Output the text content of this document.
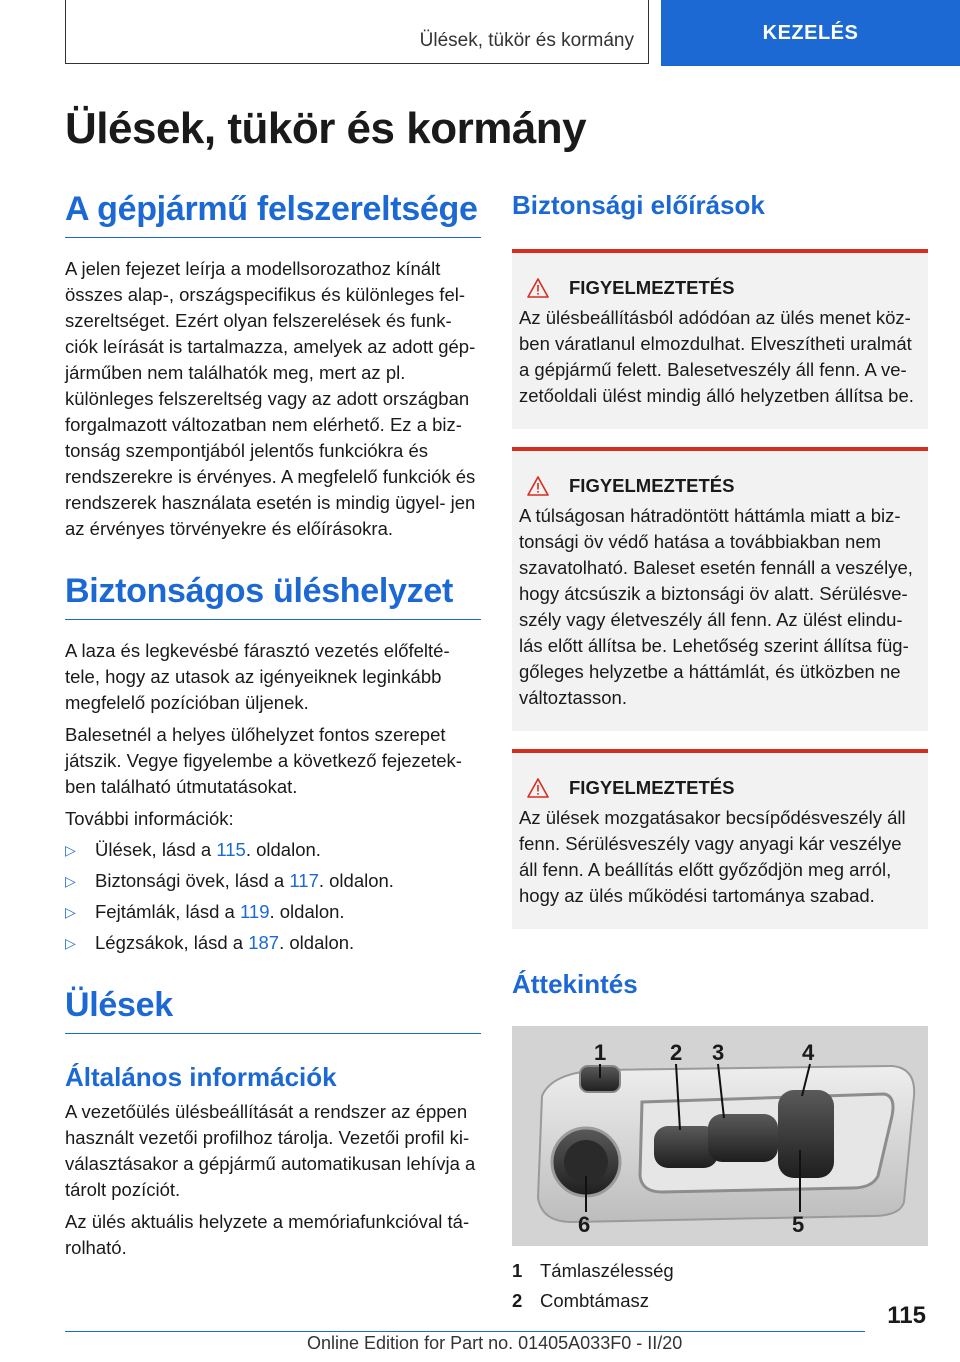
Ülések, tükör és kormány	KEZELÉS
Ülések, tükör és kormány
A gépjármű felszereltsége

A jelen fejezet leírja a modellsorozathoz kínált összes alap-, országspecifikus és különleges fel- szereltséget. Ezért olyan felszerelések és funk- ciók leírását is tartalmazza, amelyek az adott gép- járműben nem találhatók meg, mert az pl. különleges felszereltség vagy az adott országban forgalmazott változatban nem elérhető. Ez a biz- tonság szempontjából jelentős funkciókra és rendszerekre is érvényes. A megfelelő funkciók és rendszerek használata esetén is mindig ügyel- jen az érvényes törvényekre és előírásokra.

Biztonságos üléshelyzet

A laza és legkevésbé fárasztó vezetés előfelté- tele, hogy az utasok az igényeiknek leginkább megfelelő pozícióban üljenek.

Balesetnél a helyes ülőhelyzet fontos szerepet játszik. Vegye figyelembe a következő fejezetek- ben található útmutatásokat.

További információk:

▷	Ülések, lásd a 115. oldalon.
▷	Biztonsági övek, lásd a 117. oldalon.
▷	Fejtámlák, lásd a 119. oldalon.
▷	Légzsákok, lásd a 187. oldalon.
Ülések
Általános információk

A vezetőülés ülésbeállítását a rendszer az éppen használt vezetői profilhoz tárolja. Vezetői profil ki- választásakor a gépjármű automatikusan lehívja a tárolt pozíciót.

Az ülés aktuális helyzete a memóriafunkcióval tá- rolható.

Biztonsági előírások
FIGYELMEZTETÉS

Az ülésbeállításból adódóan az ülés menet köz- ben váratlanul elmozdulhat. Elveszítheti uralmát a gépjármű felett. Balesetveszély áll fenn. A ve- zetőoldali ülést mindig álló helyzetben állítsa be.

FIGYELMEZTETÉS

A túlságosan hátradöntött háttámla miatt a biz- tonsági öv védő hatása a továbbiakban nem szavatolható. Baleset esetén fennáll a veszélye, hogy átcsúszik a biztonsági öv alatt. Sérülésve- szély vagy életveszély áll fenn. Az ülést elindu- lás előtt állítsa be. Lehetőség szerint állítsa füg- gőleges helyzetbe a háttámlát, és ütközben ne változtasson.

FIGYELMEZTETÉS

Az ülések mozgatásakor becsípődésveszély áll fenn. Sérülésveszély vagy anyagi kár veszélye áll fenn. A beállítás előtt győződjön meg arról, hogy az ülés működési tartománya szabad.

Áttekintés
1	2 3	4
5
6
1 Támlaszélesség
2 Combtámasz
115
Online Edition for Part no. 01405A033F0 - II/20
